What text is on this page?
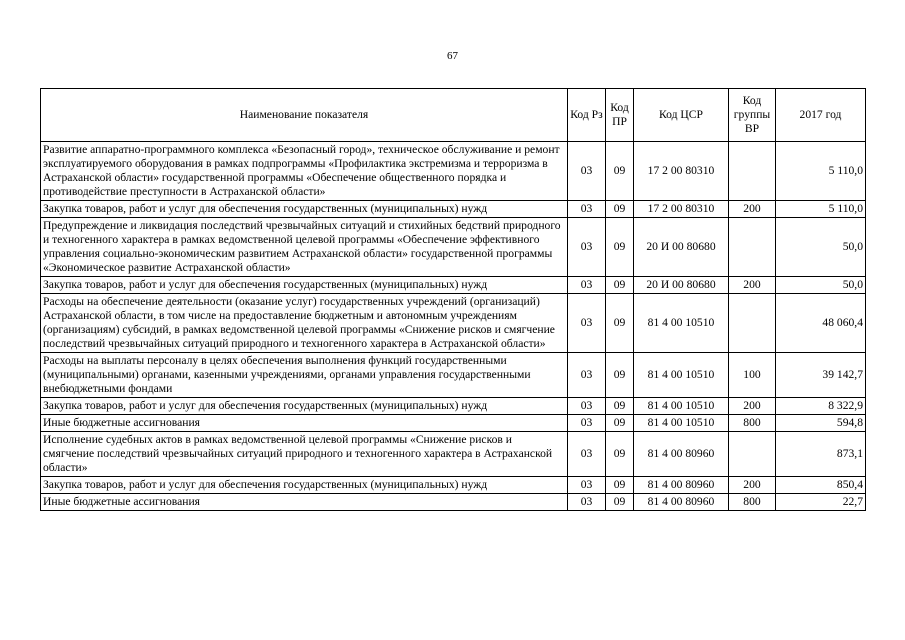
67
Наименование показателя	Код Рз	Код ПР	Код ЦСР	Код группы ВР	2017 год
Развитие аппаратно-программного комплекса «Безопасный город», техническое обслуживание и ремонт эксплуатируемого оборудования в рамках подпрограммы «Профилактика экстремизма и терроризма в Астраханской области» государственной программы «Обеспечение общественного порядка и противодействие преступности в Астраханской области»	03	09	17 2 00 80310		5 110,0
Закупка товаров, работ и услуг для обеспечения государственных (муниципальных) нужд	03	09	17 2 00 80310	200	5 110,0
Предупреждение и ликвидация последствий чрезвычайных ситуаций и стихийных бедствий природного и техногенного характера в рамках ведомственной целевой программы «Обеспечение эффективного управления социально-экономическим развитием Астраханской области» государственной программы «Экономическое развитие Астраханской области»	03	09	20 И 00 80680		50,0
Закупка товаров, работ и услуг для обеспечения государственных (муниципальных) нужд	03	09	20 И 00 80680	200	50,0
Расходы на обеспечение деятельности (оказание услуг) государственных учреждений (организаций) Астраханской области, в том числе на предоставление бюджетным и автономным учреждениям (организациям) субсидий, в рамках ведомственной целевой программы «Снижение рисков и смягчение последствий чрезвычайных ситуаций природного и техногенного характера в Астраханской области»	03	09	81 4 00 10510		48 060,4
Расходы на выплаты персоналу в целях обеспечения выполнения функций государственными (муниципальными) органами, казенными учреждениями, органами управления государственными внебюджетными фондами	03	09	81 4 00 10510	100	39 142,7
Закупка товаров, работ и услуг для обеспечения государственных (муниципальных) нужд	03	09	81 4 00 10510	200	8 322,9
Иные бюджетные ассигнования	03	09	81 4 00 10510	800	594,8
Исполнение судебных актов в рамках ведомственной целевой программы «Снижение рисков и смягчение последствий чрезвычайных ситуаций природного и техногенного характера в Астраханской области»	03	09	81 4 00 80960		873,1
Закупка товаров, работ и услуг для обеспечения государственных (муниципальных) нужд	03	09	81 4 00 80960	200	850,4
Иные бюджетные ассигнования	03	09	81 4 00 80960	800	22,7
